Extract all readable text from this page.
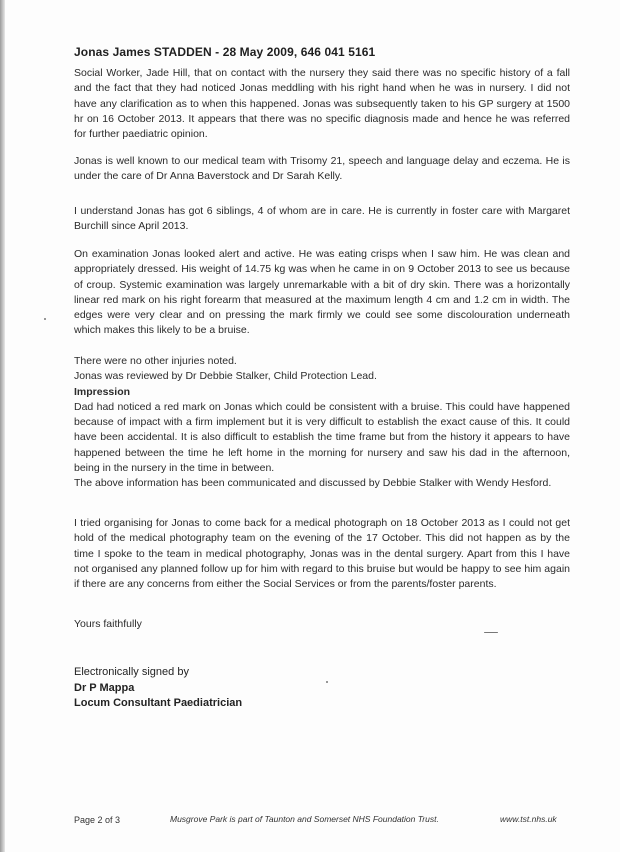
Jonas James STADDEN - 28 May 2009, 646 041 5161

Social Worker, Jade Hill, that on contact with the nursery they said there was no specific history of a fall and the fact that they had noticed Jonas meddling with his right hand when he was in nursery. I did not have any clarification as to when this happened. Jonas was subsequently taken to his GP surgery at 1500 hr on 16 October 2013. It appears that there was no specific diagnosis made and hence he was referred for further paediatric opinion.

Jonas is well known to our medical team with Trisomy 21, speech and language delay and eczema. He is under the care of Dr Anna Baverstock and Dr Sarah Kelly.

I understand Jonas has got 6 siblings, 4 of whom are in care. He is currently in foster care with Margaret Burchill since April 2013.

On examination Jonas looked alert and active. He was eating crisps when I saw him. He was clean and appropriately dressed. His weight of 14.75 kg was when he came in on 9 October 2013 to see us because of croup. Systemic examination was largely unremarkable with a bit of dry skin. There was a horizontally linear red mark on his right forearm that measured at the maximum length 4 cm and 1.2 cm in width. The edges were very clear and on pressing the mark firmly we could see some discolouration underneath which makes this likely to be a bruise.

There were no other injuries noted.
Jonas was reviewed by Dr Debbie Stalker, Child Protection Lead.
Impression
Dad had noticed a red mark on Jonas which could be consistent with a bruise. This could have happened because of impact with a firm implement but it is very difficult to establish the exact cause of this. It could have been accidental. It is also difficult to establish the time frame but from the history it appears to have happened between the time he left home in the morning for nursery and saw his dad in the afternoon, being in the nursery in the time in between.
The above information has been communicated and discussed by Debbie Stalker with Wendy Hesford.

I tried organising for Jonas to come back for a medical photograph on 18 October 2013 as I could not get hold of the medical photography team on the evening of the 17 October. This did not happen as by the time I spoke to the team in medical photography, Jonas was in the dental surgery. Apart from this I have not organised any planned follow up for him with regard to this bruise but would be happy to see him again if there are any concerns from either the Social Services or from the parents/foster parents.

Yours faithfully
Electronically signed by
Dr P Mappa
Locum Consultant Paediatrician
Page 2 of 3	Musgrove Park is part of Taunton and Somerset NHS Foundation Trust.	www.tst.nhs.uk
